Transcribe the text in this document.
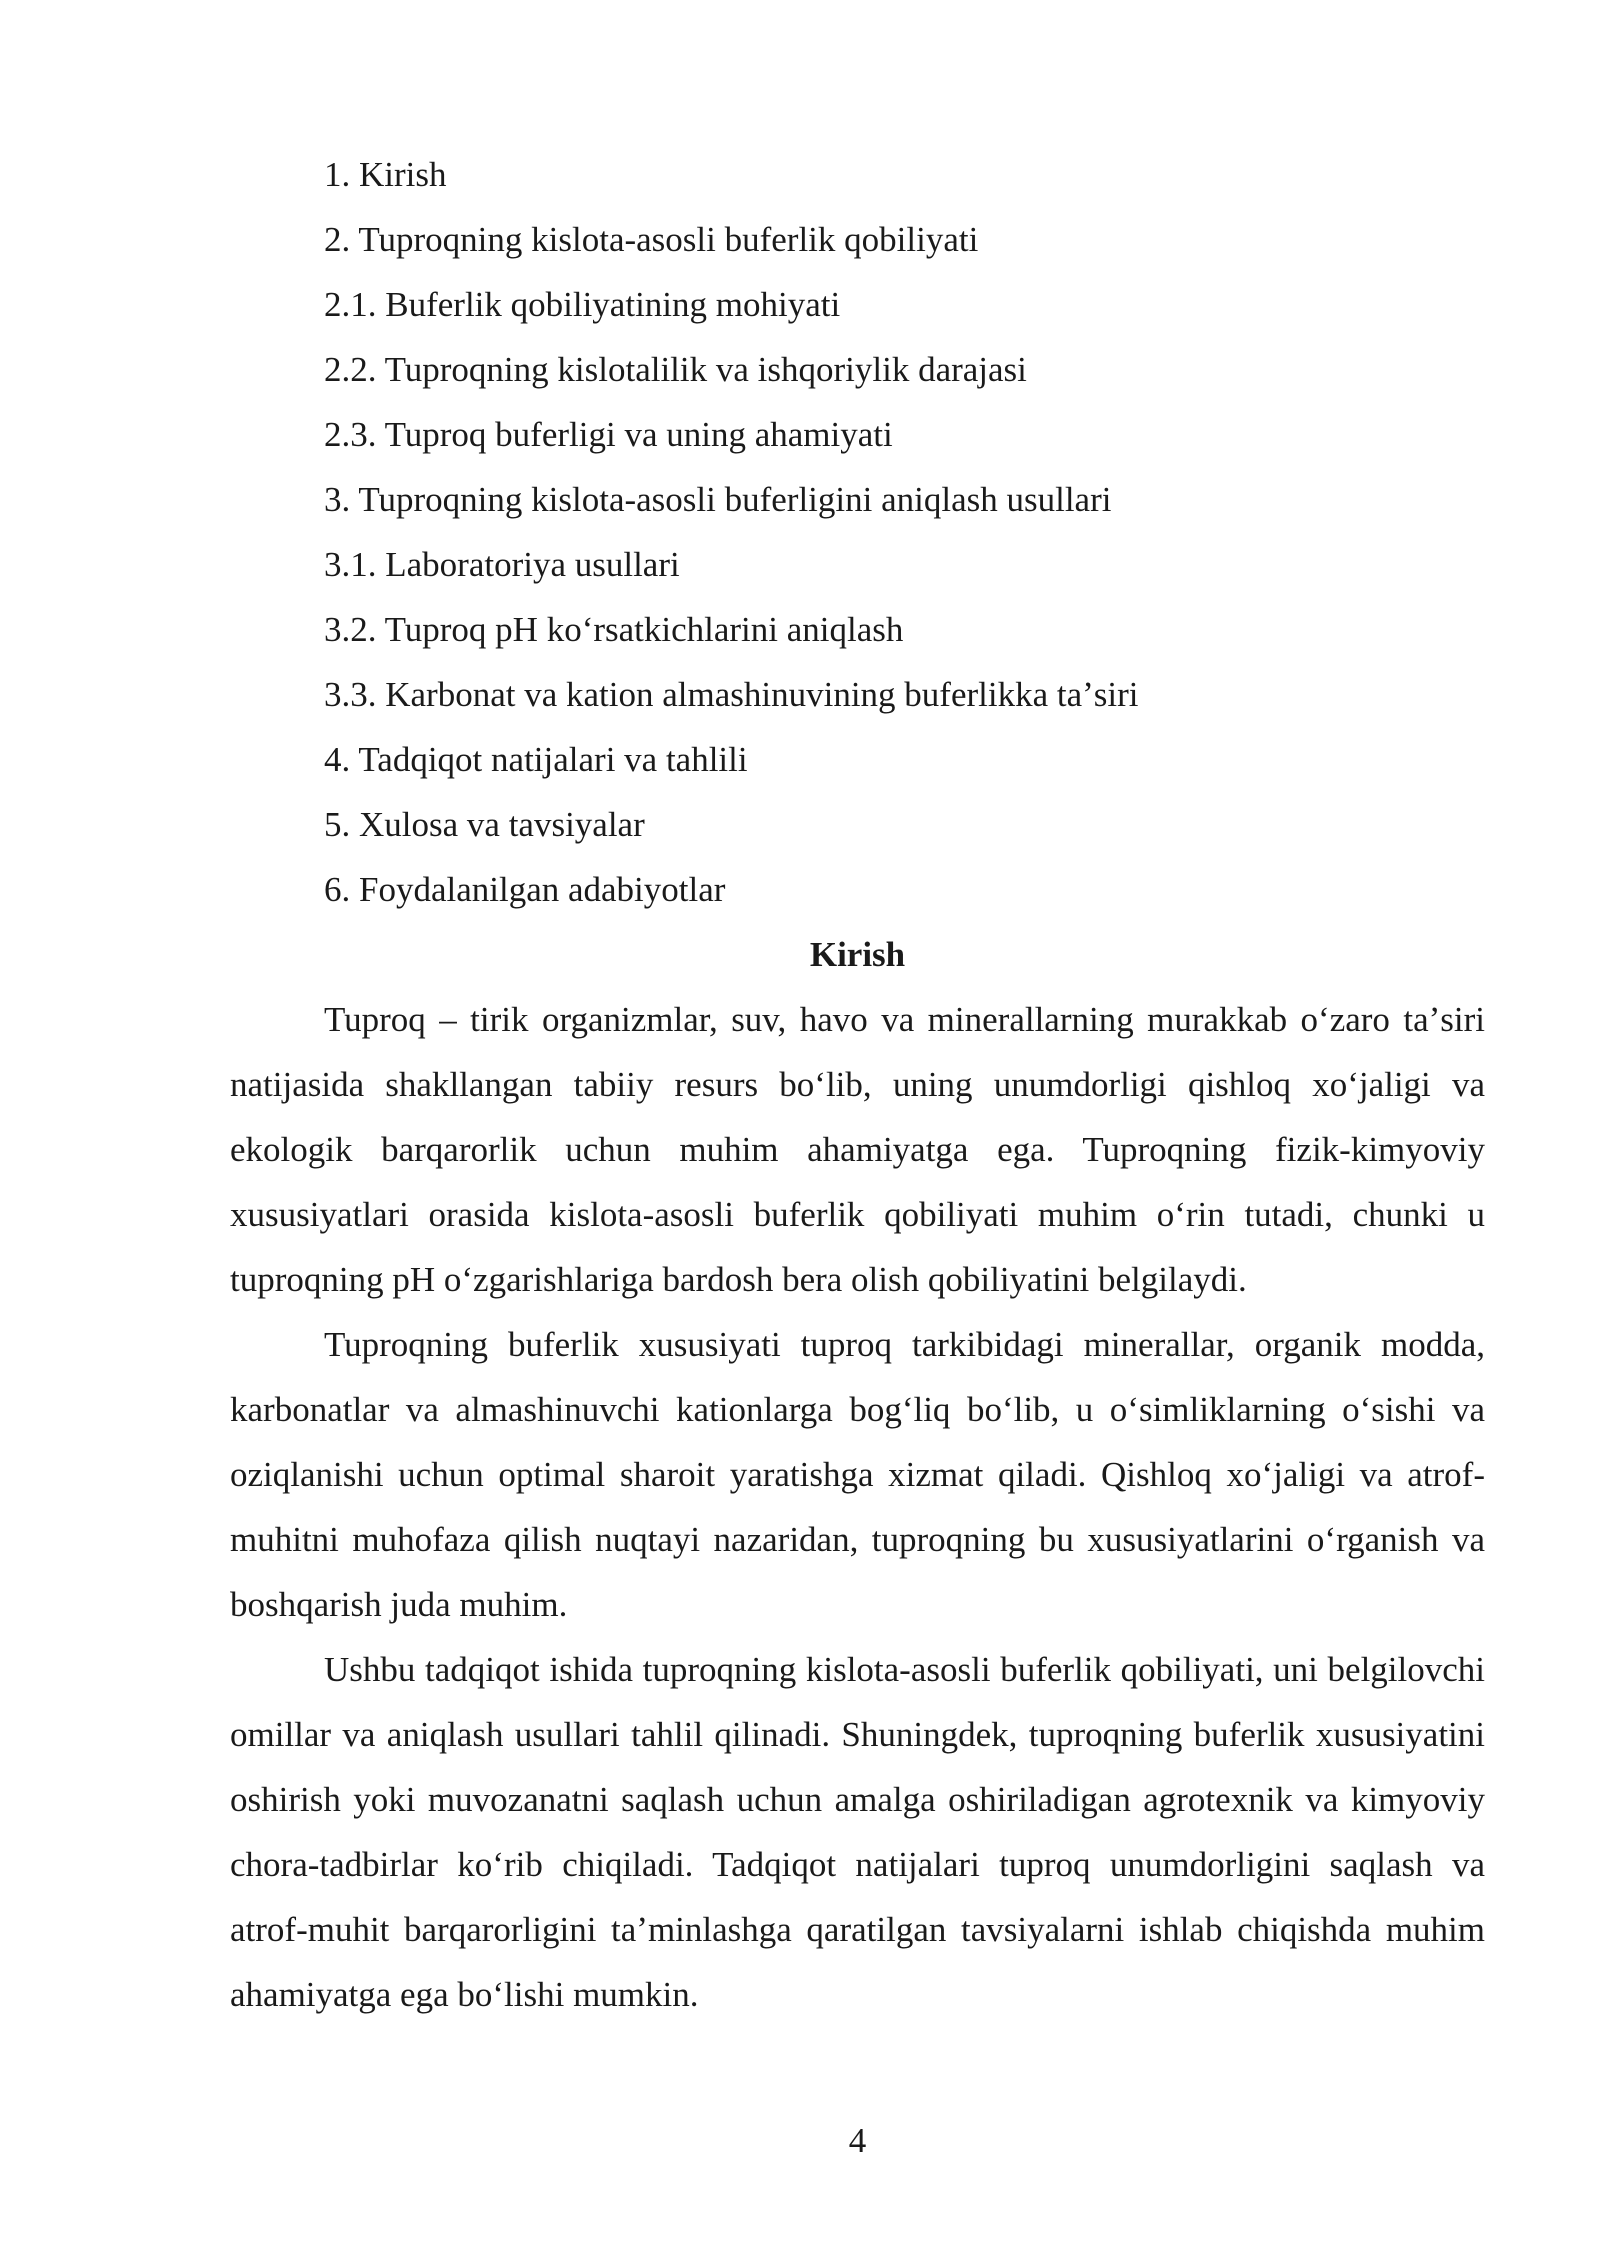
1. Kirish
2. Tuproqning kislota-asosli buferlik qobiliyati
2.1. Buferlik qobiliyatining mohiyati
2.2. Tuproqning kislotalilik va ishqoriylik darajasi
2.3. Tuproq buferligi va uning ahamiyati
3. Tuproqning kislota-asosli buferligini aniqlash usullari
3.1. Laboratoriya usullari
3.2. Tuproq pH koʻrsatkichlarini aniqlash
3.3. Karbonat va kation almashinuvining buferlikka taʼsiri
4. Tadqiqot natijalari va tahlili
5. Xulosa va tavsiyalar
6. Foydalanilgan adabiyotlar
Kirish

Tuproq – tirik organizmlar, suv, havo va minerallarning murakkab oʻzaro taʼsiri natijasida shakllangan tabiiy resurs boʻlib, uning unumdorligi qishloq xoʻjaligi va ekologik barqarorlik uchun muhim ahamiyatga ega. Tuproqning fizik-kimyoviy xususiyatlari orasida kislota-asosli buferlik qobiliyati muhim oʻrin tutadi, chunki u tuproqning pH oʻzgarishlariga bardosh bera olish qobiliyatini belgilaydi.

Tuproqning buferlik xususiyati tuproq tarkibidagi minerallar, organik modda, karbonatlar va almashinuvchi kationlarga bogʻliq boʻlib, u oʻsimliklarning oʻsishi va oziqlanishi uchun optimal sharoit yaratishga xizmat qiladi. Qishloq xoʻjaligi va atrof-muhitni muhofaza qilish nuqtayi nazaridan, tuproqning bu xususiyatlarini oʻrganish va boshqarish juda muhim.

Ushbu tadqiqot ishida tuproqning kislota-asosli buferlik qobiliyati, uni belgilovchi omillar va aniqlash usullari tahlil qilinadi. Shuningdek, tuproqning buferlik xususiyatini oshirish yoki muvozanatni saqlash uchun amalga oshiriladigan agrotexnik va kimyoviy chora-tadbirlar koʻrib chiqiladi. Tadqiqot natijalari tuproq unumdorligini saqlash va atrof-muhit barqarorligini taʼminlashga qaratilgan tavsiyalarni ishlab chiqishda muhim ahamiyatga ega boʻlishi mumkin.

4
